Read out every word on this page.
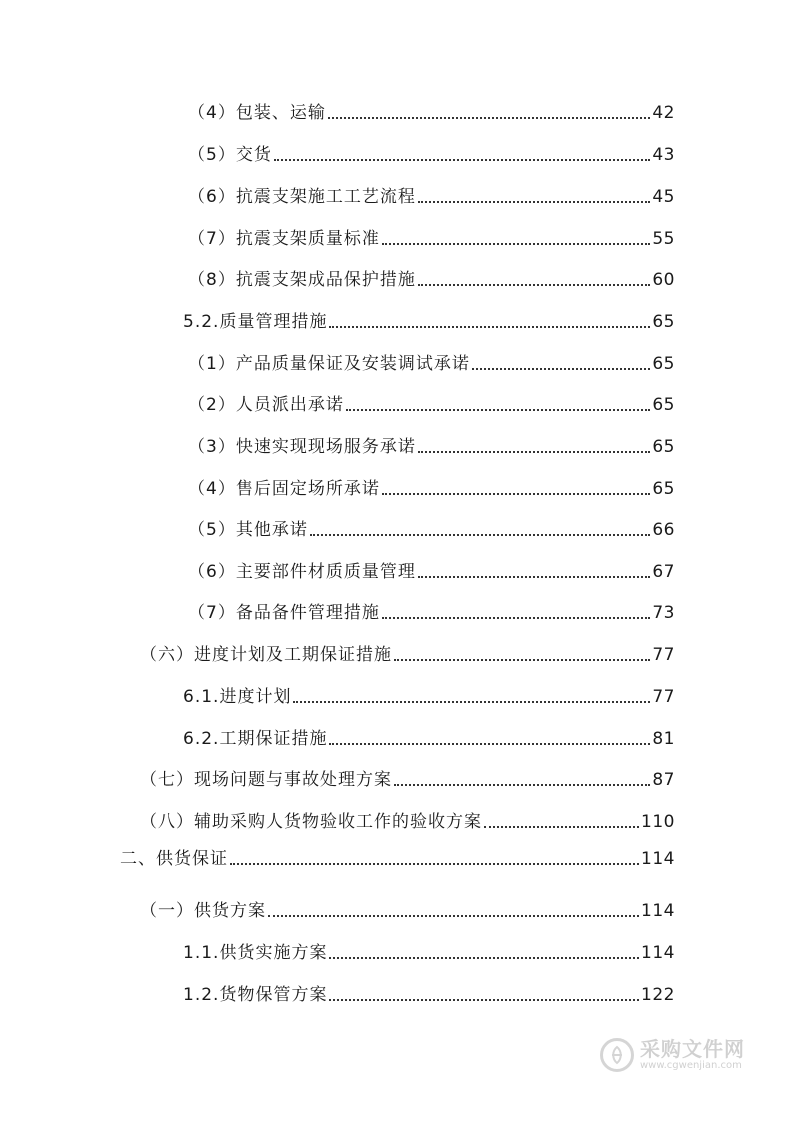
（4）包装、运输	42
（5）交货	43
（6）抗震支架施工工艺流程	45
（7）抗震支架质量标准	55
（8）抗震支架成品保护措施	60
5.2.质量管理措施	65
（1）产品质量保证及安装调试承诺	65
（2）人员派出承诺	65
（3）快速实现现场服务承诺	65
（4）售后固定场所承诺	65
（5）其他承诺	66
（6）主要部件材质质量管理	67
（7）备品备件管理措施	73
（六）进度计划及工期保证措施	77
6.1.进度计划	77
6.2.工期保证措施	81
（七）现场问题与事故处理方案	87
（八）辅助采购人货物验收工作的验收方案	110
二、供货保证	114
（一）供货方案	114
1.1.供货实施方案	114
1.2.货物保管方案	122
采购文件网
www.cgwenjian.com
